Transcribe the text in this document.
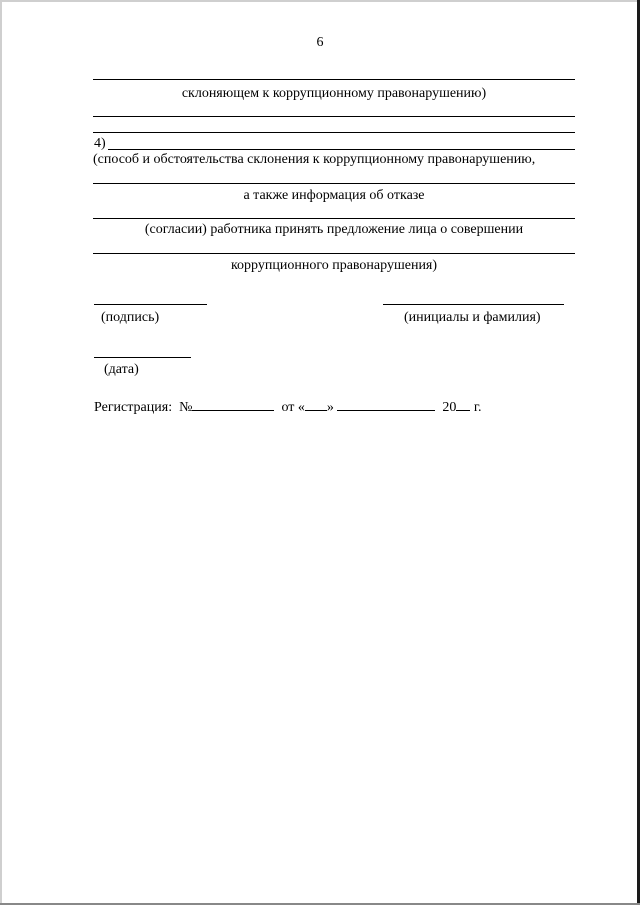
6
склоняющем к коррупционному правонарушению)
4)
(способ и обстоятельства склонения к коррупционному правонарушению,
а также информация об отказе
(согласии) работника принять предложение лица о совершении
коррупционного правонарушения)
(подпись)	(инициалы и фамилия)
(дата)
Регистрация: №	от « »	20 г.
